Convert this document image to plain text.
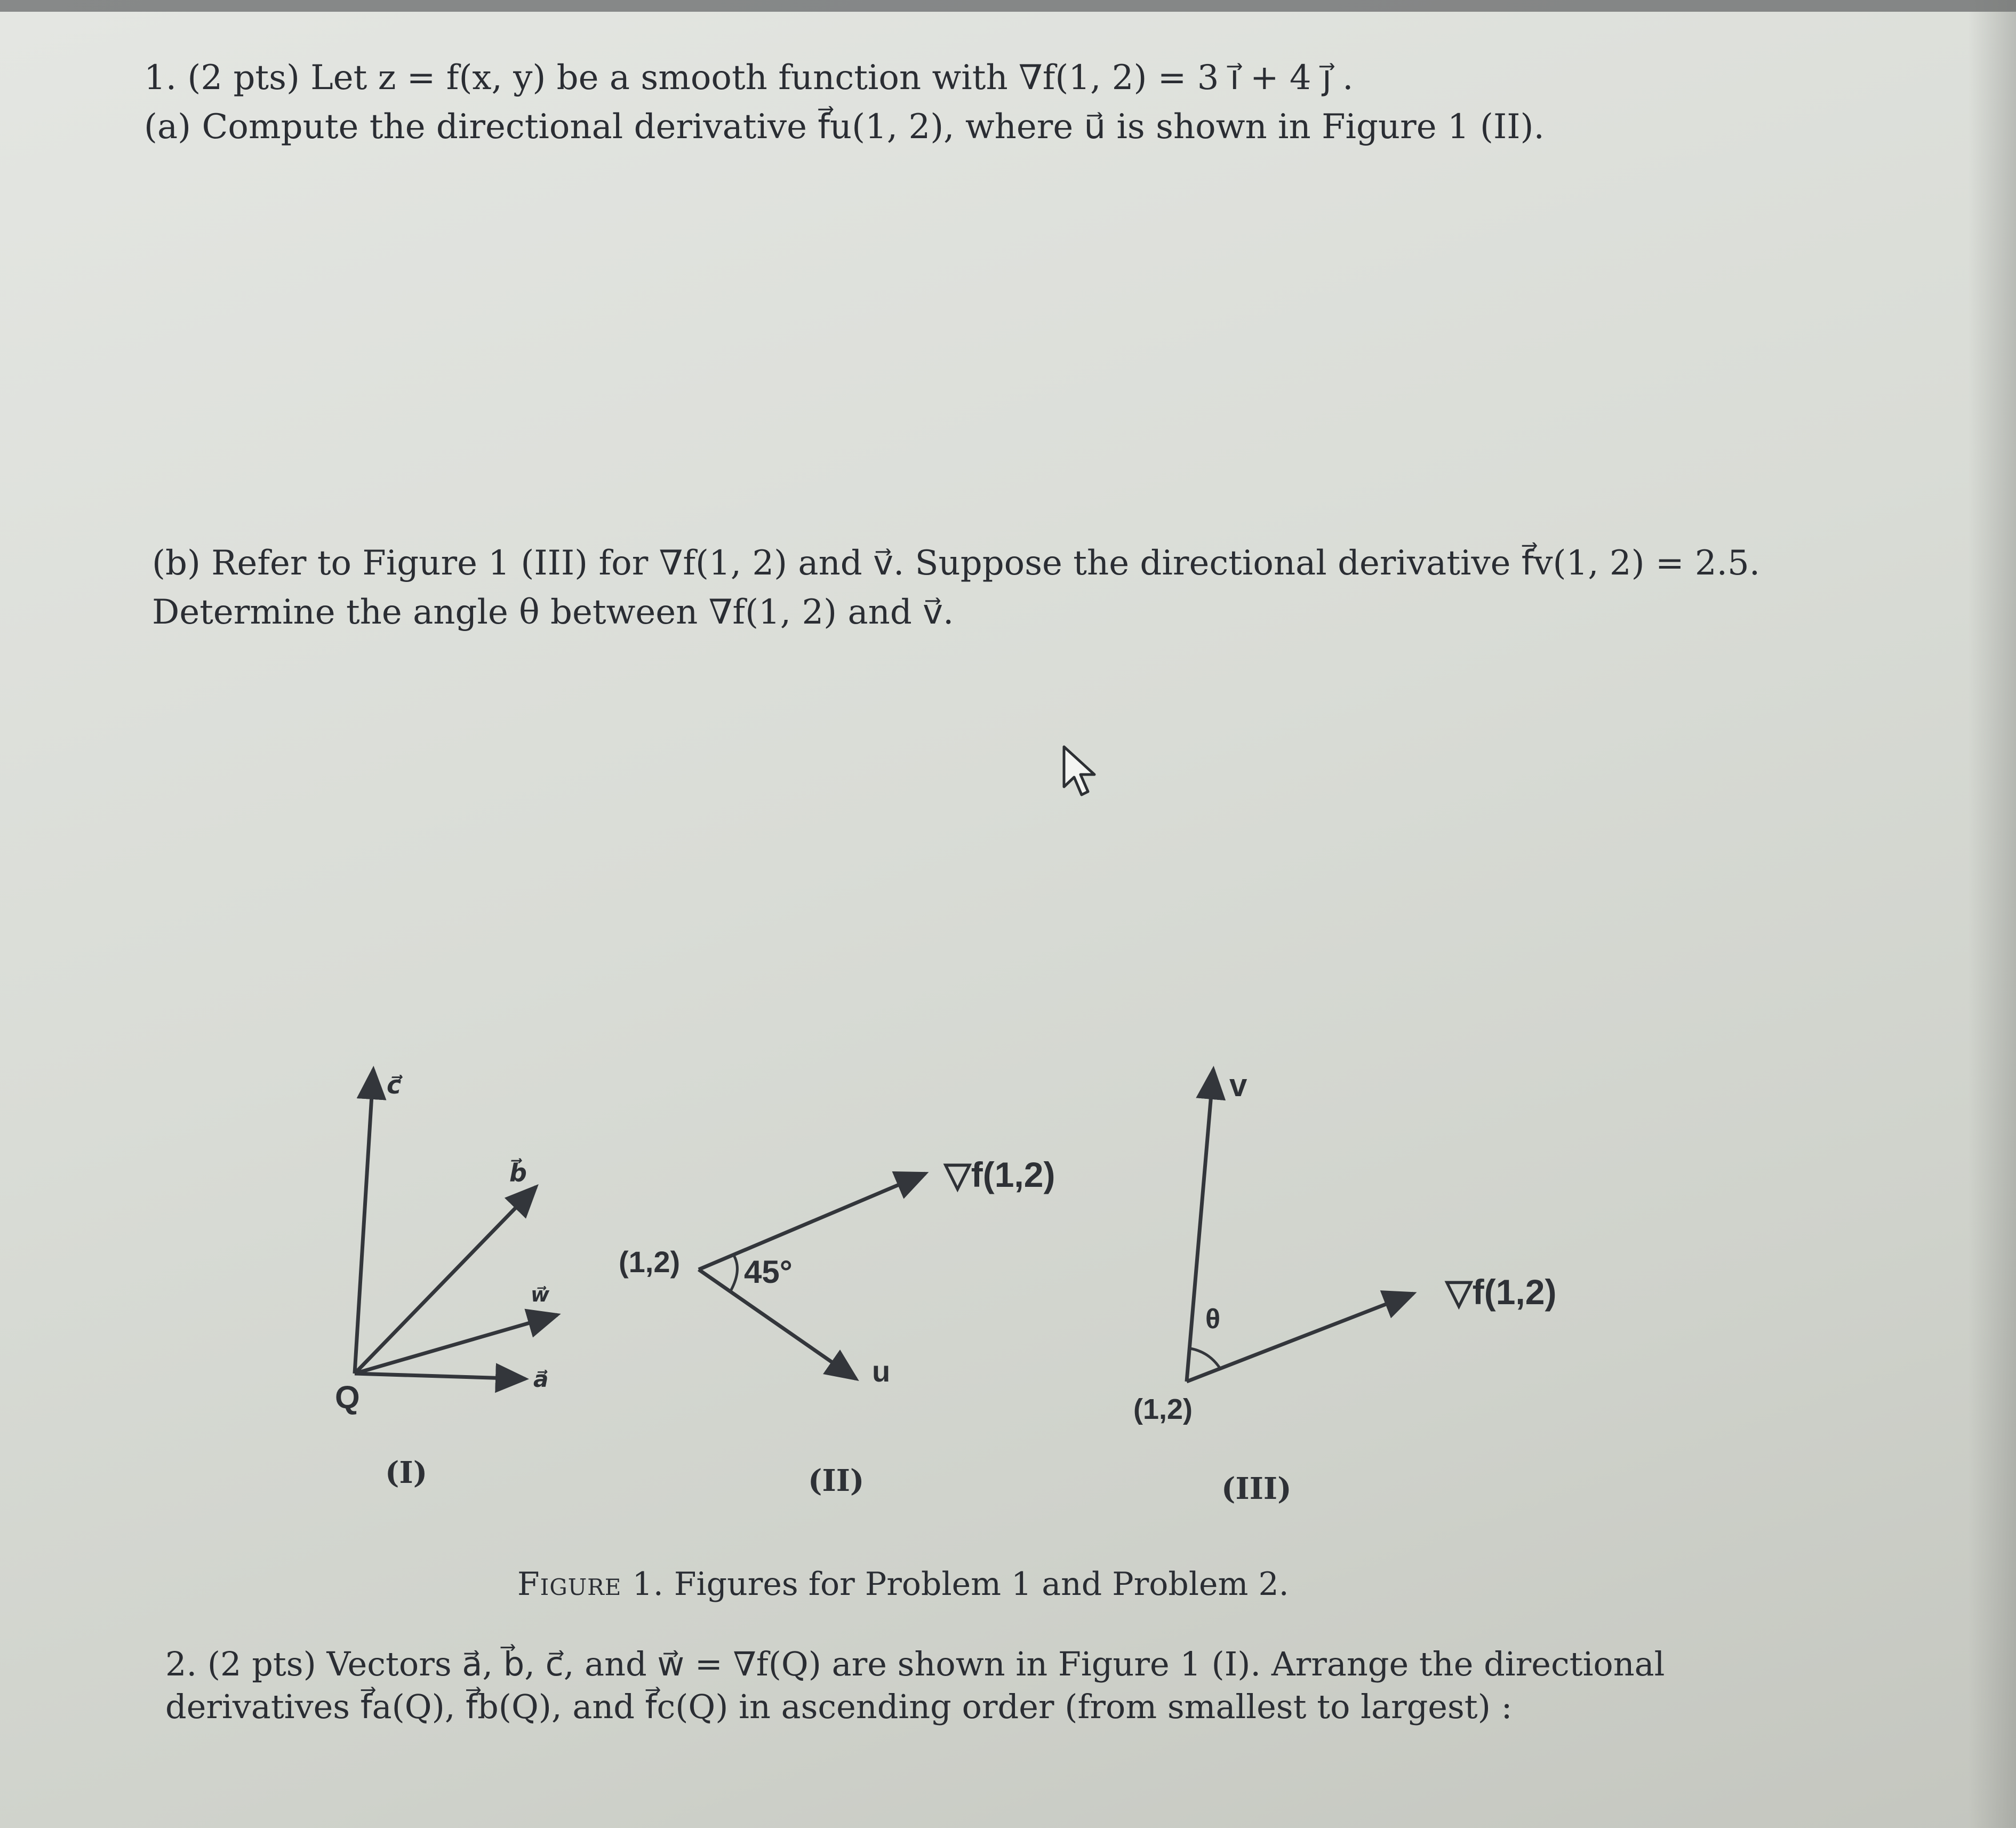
1. (2 pts) Let z = f(x, y) be a smooth function with ∇f(1, 2) = 3 i⃗ + 4 j⃗ .
(a) Compute the directional derivative f⃗u(1, 2), where u⃗ is shown in Figure 1 (II).
(b) Refer to Figure 1 (III) for ∇f(1, 2) and v⃗. Suppose the directional derivative f⃗v(1, 2) = 2.5.
Determine the angle θ between ∇f(1, 2) and v⃗.
c⃗
b⃗
w⃗
a⃗
Q
(I)
(1,2) 45°
▽f(1,2)
u
(II)
v
θ
▽f(1,2)
(1,2)
(III)
Figure 1. Figures for Problem 1 and Problem 2.
2. (2 pts) Vectors a⃗, b⃗, c⃗, and w⃗ = ∇f(Q) are shown in Figure 1 (I). Arrange the directional
derivatives f⃗a(Q), f⃗b(Q), and f⃗c(Q) in ascending order (from smallest to largest) :
